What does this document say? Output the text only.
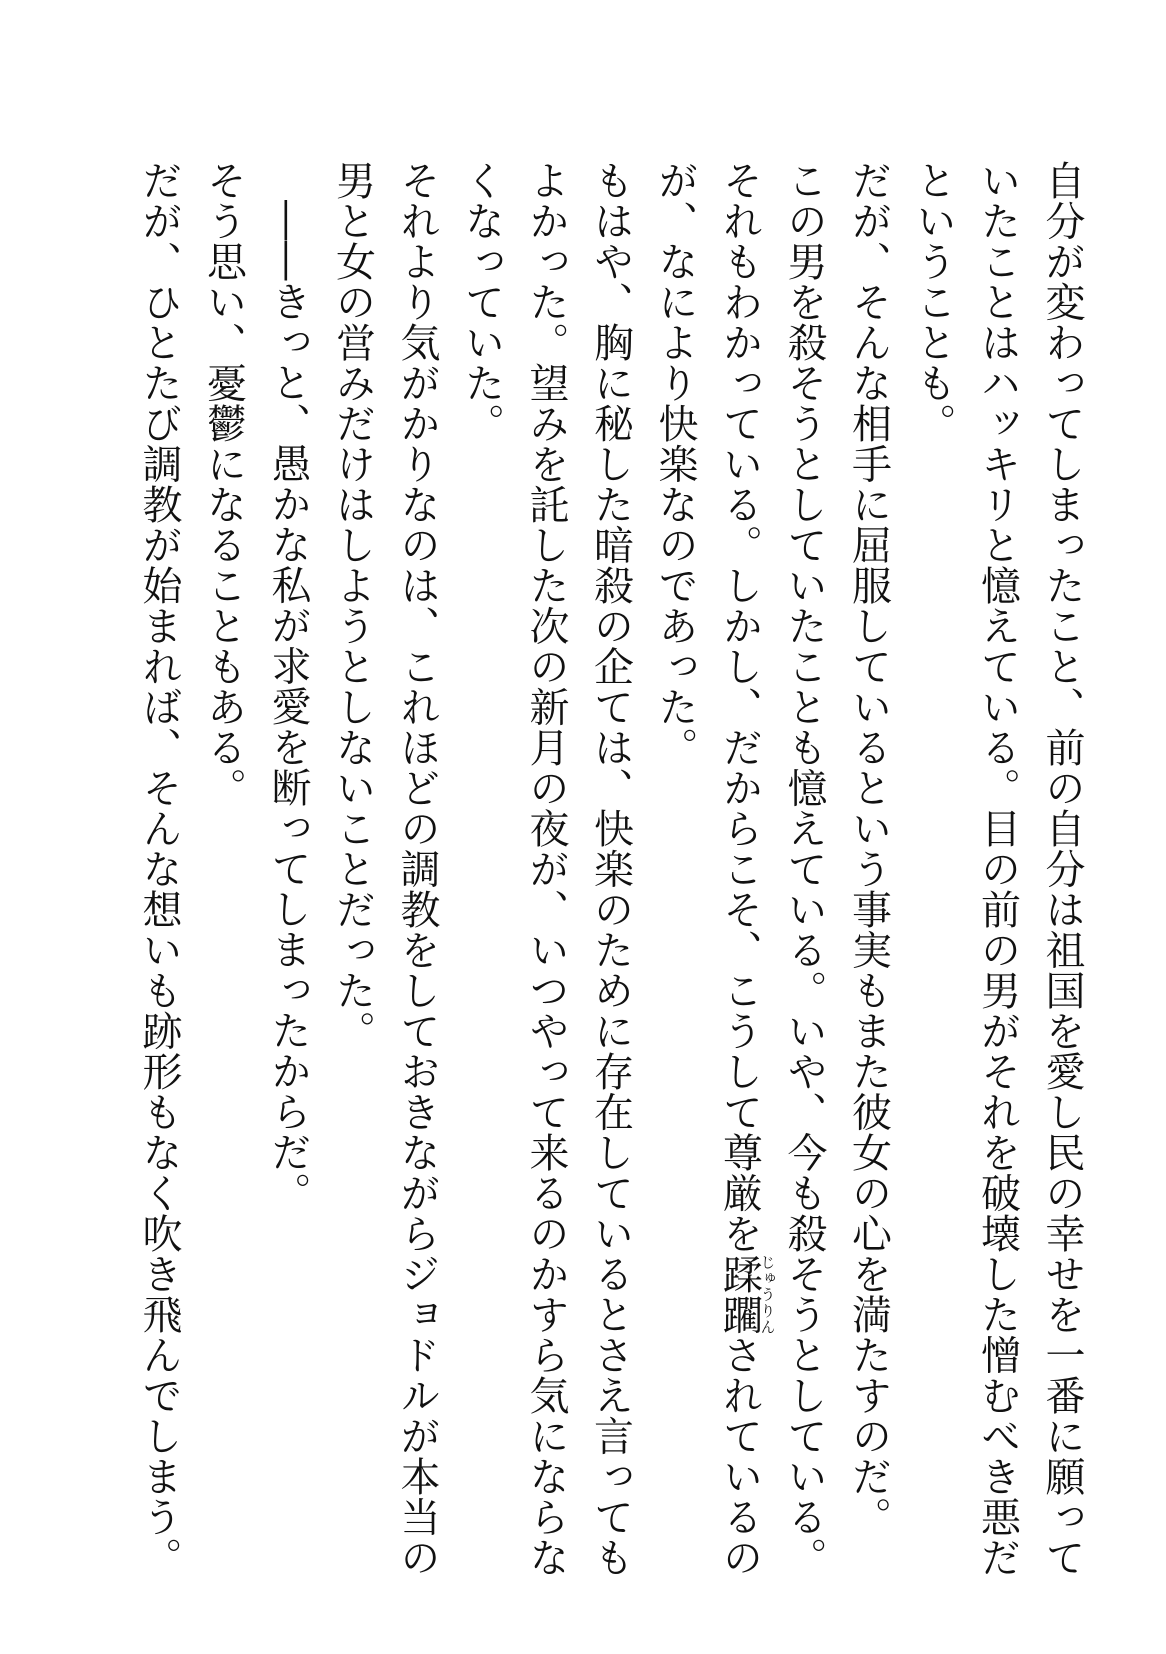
自分が変わってしまったこと、前の自分は祖国を愛し民の幸せを一番に願っていたことはハッキリと憶えている。目の前の男がそれを破壊した憎むべき悪だということも。

だが、そんな相手に屈服しているという事実もまた彼女の心を満たすのだ。

この男を殺そうとしていたことも憶えている。いや、今も殺そうとしている。それもわかっている。しかし、だからこそ、こうして尊厳を蹂躙じゅうりんされているのが、なにより快楽なのであった。

もはや、胸に秘した暗殺の企ては、快楽のために存在しているとさえ言ってもよかった。望みを託した次の新月の夜が、いつやって来るのかすら気にならなくなっていた。

それより気がかりなのは、これほどの調教をしておきながらジョドルが本当の男と女の営みだけはしようとしないことだった。

――きっと、愚かな私が求愛を断ってしまったからだ。

そう思い、憂鬱になることもある。

だが、ひとたび調教が始まれば、そんな想いも跡形もなく吹き飛んでしまう。
